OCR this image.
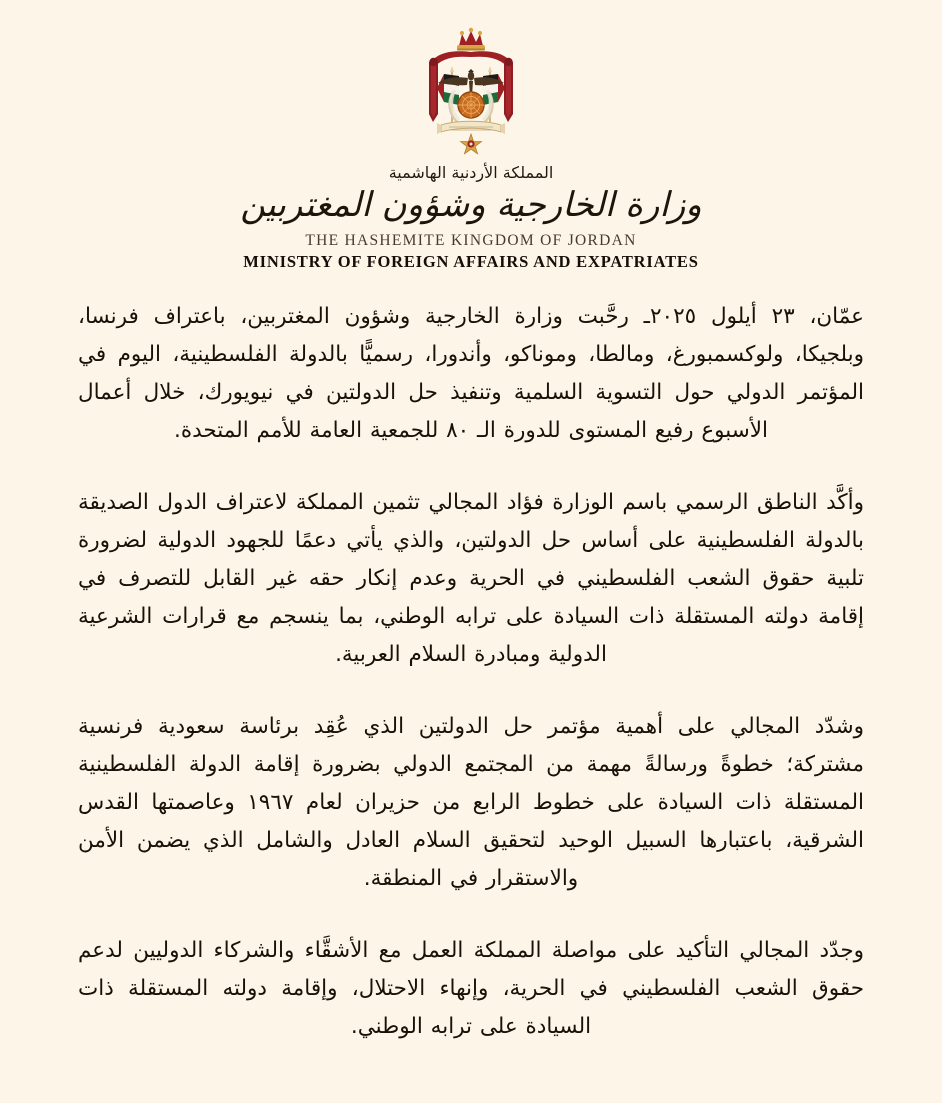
المملكة الأردنية الهاشمية
وزارة الخارجية وشؤون المغتربين
THE HASHEMITE KINGDOM OF JORDAN
MINISTRY OF FOREIGN AFFAIRS AND EXPATRIATES

عمّان، ٢٣ أيلول ٢٠٢٥ـ رحَّبت وزارة الخارجية وشؤون المغتربين، باعتراف فرنسا، وبلجيكا، ولوكسمبورغ، ومالطا، وموناكو، وأندورا، رسميًّا بالدولة الفلسطينية، اليوم في المؤتمر الدولي حول التسوية السلمية وتنفيذ حل الدولتين في نيويورك، خلال أعمال الأسبوع رفيع المستوى للدورة الـ ٨٠ للجمعية العامة للأمم المتحدة.

وأكَّد الناطق الرسمي باسم الوزارة فؤاد المجالي تثمين المملكة لاعتراف الدول الصديقة بالدولة الفلسطينية على أساس حل الدولتين، والذي يأتي دعمًا للجهود الدولية لضرورة تلبية حقوق الشعب الفلسطيني في الحرية وعدم إنكار حقه غير القابل للتصرف في إقامة دولته المستقلة ذات السيادة على ترابه الوطني، بما ينسجم مع قرارات الشرعية الدولية ومبادرة السلام العربية.

وشدّد المجالي على أهمية مؤتمر حل الدولتين الذي عُقِد برئاسة سعودية فرنسية مشتركة؛ خطوةً ورسالةً مهمة من المجتمع الدولي بضرورة إقامة الدولة الفلسطينية المستقلة ذات السيادة على خطوط الرابع من حزيران لعام ١٩٦٧ وعاصمتها القدس الشرقية، باعتبارها السبيل الوحيد لتحقيق السلام العادل والشامل الذي يضمن الأمن والاستقرار في المنطقة.

وجدّد المجالي التأكيد على مواصلة المملكة العمل مع الأشقَّاء والشركاء الدوليين لدعم حقوق الشعب الفلسطيني في الحرية، وإنهاء الاحتلال، وإقامة دولته المستقلة ذات السيادة على ترابه الوطني.
